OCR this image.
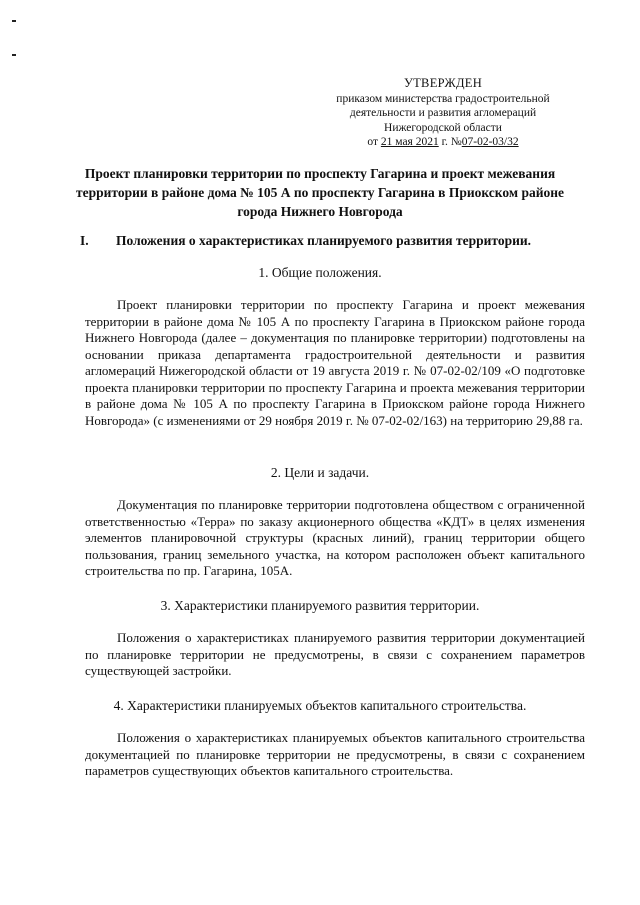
УТВЕРЖДЕН
приказом министерства градостроительной
деятельности и развития агломераций
Нижегородской области
от 21 мая 2021 г. №07-02-03/32
Проект планировки территории по проспекту Гагарина и проект межевания территории в районе дома № 105 А по проспекту Гагарина в Приокском районе города Нижнего Новгорода
I. Положения о характеристиках планируемого развития территории.
1. Общие положения.
Проект планировки территории по проспекту Гагарина и проект межевания территории в районе дома № 105 А по проспекту Гагарина в Приокском районе города Нижнего Новгорода (далее – документация по планировке территории) подготовлены на основании приказа департамента градостроительной деятельности и развития агломераций Нижегородской области от 19 августа 2019 г. № 07-02-02/109 «О подготовке проекта планировки территории по проспекту Гагарина и проекта межевания территории в районе дома № 105 А по проспекту Гагарина в Приокском районе города Нижнего Новгорода» (с изменениями от 29 ноября 2019 г. № 07-02-02/163) на территорию 29,88 га.
2. Цели и задачи.
Документация по планировке территории подготовлена обществом с ограниченной ответственностью «Терра» по заказу акционерного общества «КДТ» в целях изменения элементов планировочной структуры (красных линий), границ территории общего пользования, границ земельного участка, на котором расположен объект капитального строительства по пр. Гагарина, 105А.
3. Характеристики планируемого развития территории.
Положения о характеристиках планируемого развития территории документацией по планировке территории не предусмотрены, в связи с сохранением параметров существующей застройки.
4. Характеристики планируемых объектов капитального строительства.
Положения о характеристиках планируемых объектов капитального строительства документацией по планировке территории не предусмотрены, в связи с сохранением параметров существующих объектов капитального строительства.
